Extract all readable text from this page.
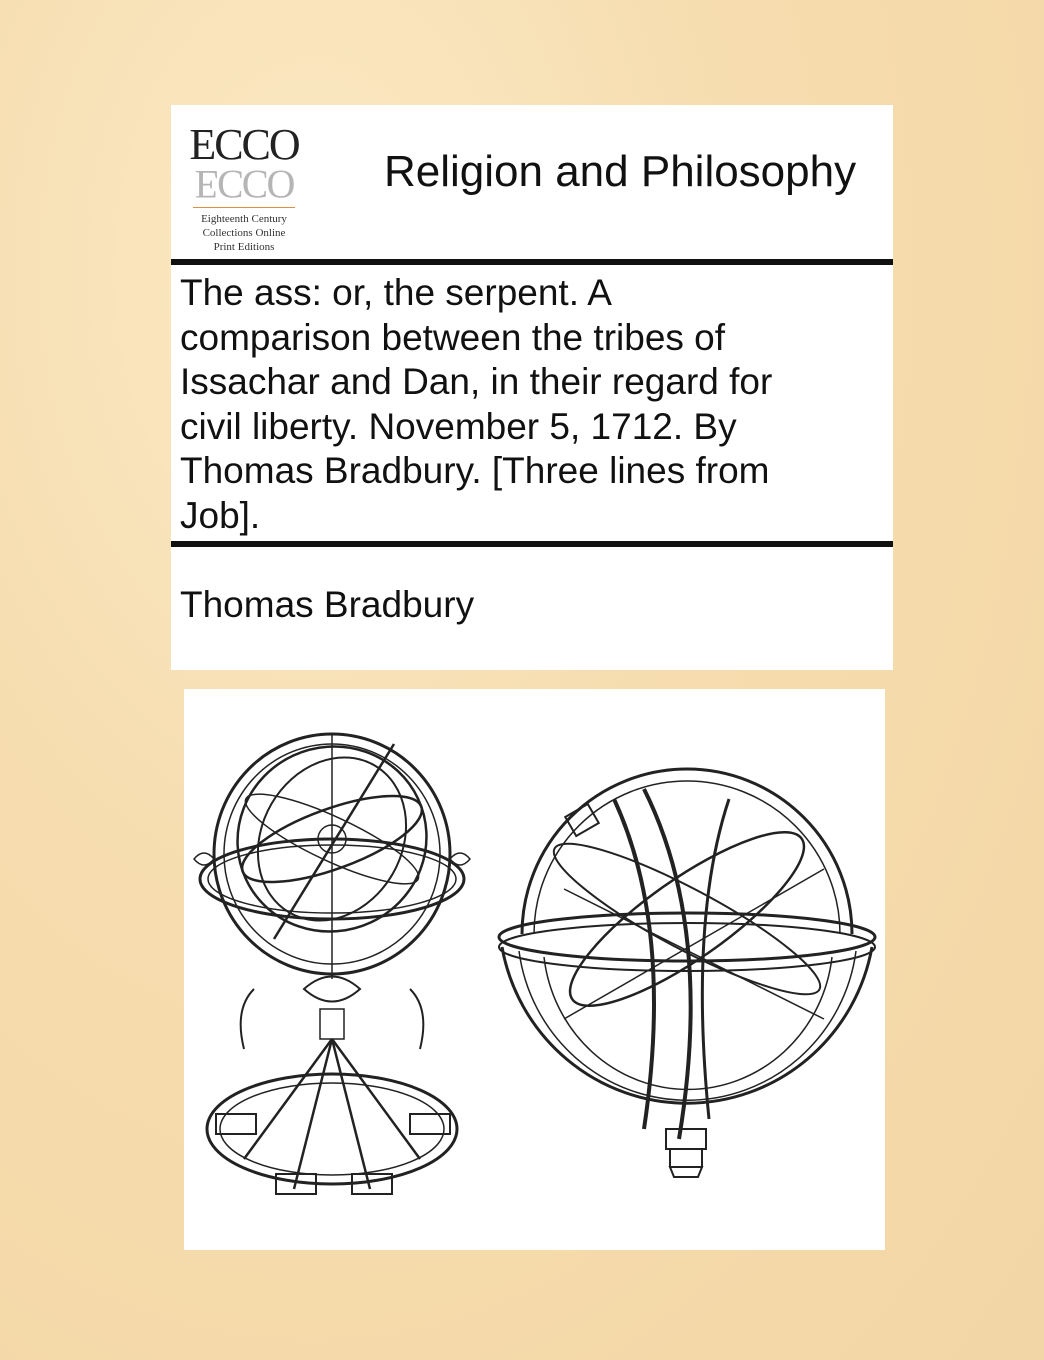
ECCO
ECCO
Eighteenth Century
Collections Online
Print Editions
Religion and Philosophy
The ass: or, the serpent. A
comparison between the tribes of
Issachar and Dan, in their regard for
civil liberty. November 5, 1712. By
Thomas Bradbury. [Three lines from
Job].
Thomas Bradbury
